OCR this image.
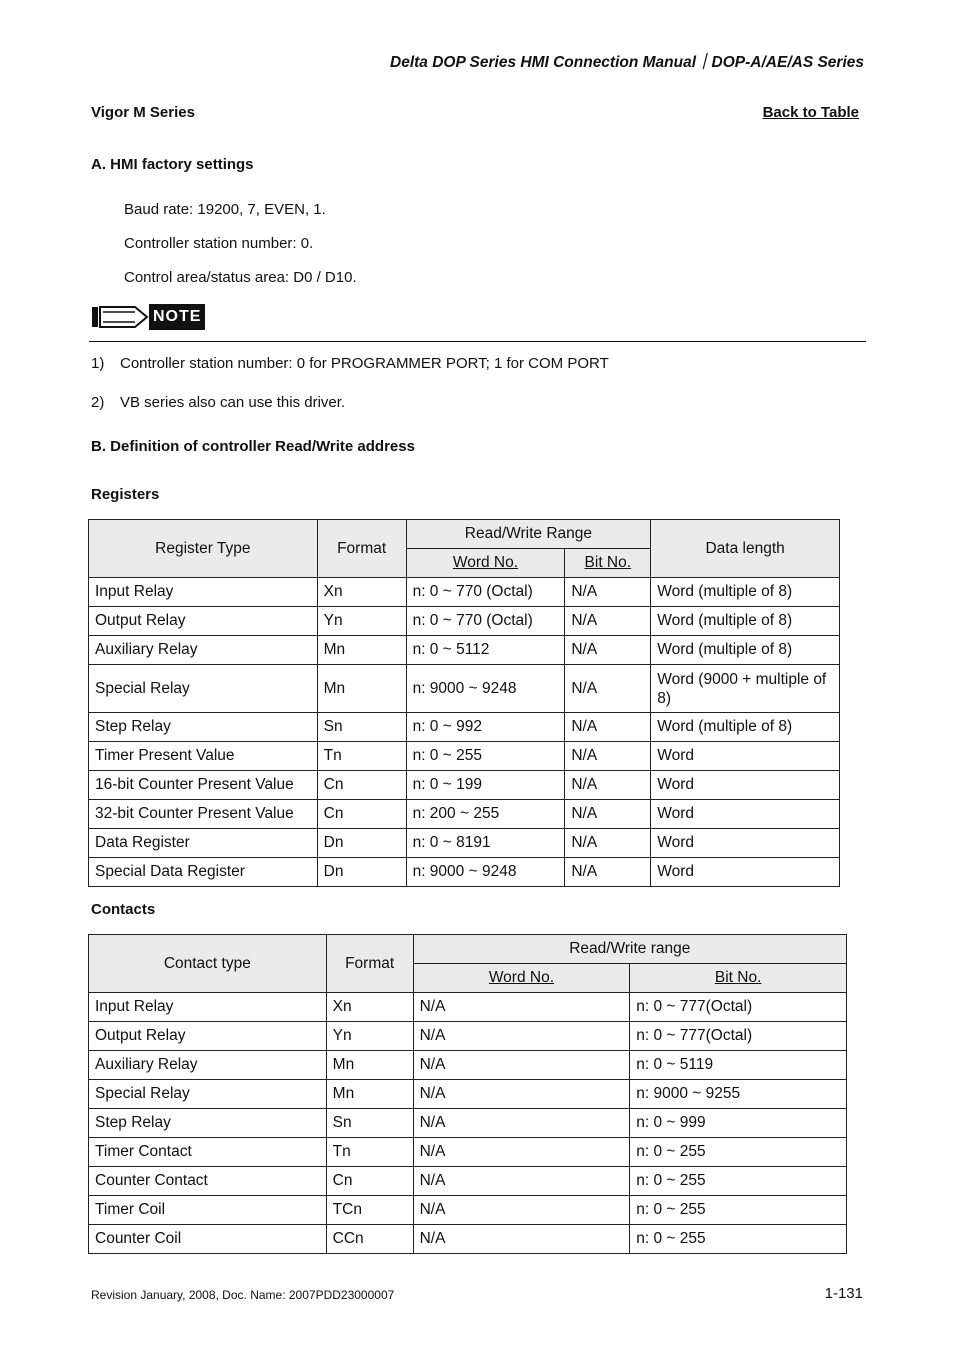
Delta DOP Series HMI Connection Manual｜DOP-A/AE/AS Series
Vigor M Series	Back to Table
A. HMI factory settings
Baud rate: 19200, 7, EVEN, 1.
Controller station number: 0.
Control area/status area: D0 / D10.
NOTE
1) Controller station number: 0 for PROGRAMMER PORT; 1 for COM PORT
2) VB series also can use this driver.
B. Definition of controller Read/Write address
Registers
Register Type	Format	Read/Write Range		Data length
		Word No.	Bit No.	
Input Relay	Xn	n: 0 ~ 770 (Octal)	N/A	Word (multiple of 8)
Output Relay	Yn	n: 0 ~ 770 (Octal)	N/A	Word (multiple of 8)
Auxiliary Relay	Mn	n: 0 ~ 5112	N/A	Word (multiple of 8)
Special Relay	Mn	n: 9000 ~ 9248	N/A	Word (9000 + multiple of 8)
Step Relay	Sn	n: 0 ~ 992	N/A	Word (multiple of 8)
Timer Present Value	Tn	n: 0 ~ 255	N/A	Word
16-bit Counter Present Value	Cn	n: 0 ~ 199	N/A	Word
32-bit Counter Present Value	Cn	n: 200 ~ 255	N/A	Word
Data Register	Dn	n: 0 ~ 8191	N/A	Word
Special Data Register	Dn	n: 9000 ~ 9248	N/A	Word
Contacts
Contact type	Format	Read/Write range	
		Word No.	Bit No.
Input Relay	Xn	N/A	n: 0 ~ 777(Octal)
Output Relay	Yn	N/A	n: 0 ~ 777(Octal)
Auxiliary Relay	Mn	N/A	n: 0 ~ 5119
Special Relay	Mn	N/A	n: 9000 ~ 9255
Step Relay	Sn	N/A	n: 0 ~ 999
Timer Contact	Tn	N/A	n: 0 ~ 255
Counter Contact	Cn	N/A	n: 0 ~ 255
Timer Coil	TCn	N/A	n: 0 ~ 255
Counter Coil	CCn	N/A	n: 0 ~ 255
Revision January, 2008, Doc. Name: 2007PDD23000007	1-131
